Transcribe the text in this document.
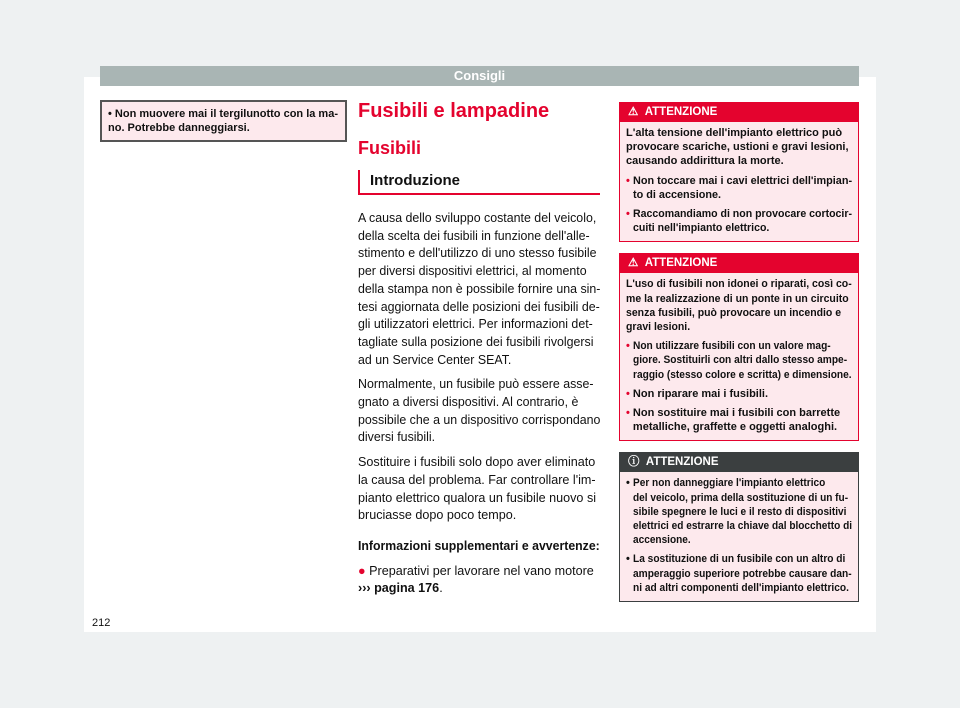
Consigli
• Non muovere mai il tergilunotto con la ma-
no. Potrebbe danneggiarsi.
Fusibili e lampadine
Fusibili
Introduzione

A causa dello sviluppo costante del veicolo,
della scelta dei fusibili in funzione dell'alle-
stimento e dell'utilizzo di uno stesso fusibile
per diversi dispositivi elettrici, al momento
della stampa non è possibile fornire una sin-
tesi aggiornata delle posizioni dei fusibili de-
gli utilizzatori elettrici. Per informazioni det-
tagliate sulla posizione dei fusibili rivolgersi
ad un Service Center SEAT.

Normalmente, un fusibile può essere asse-
gnato a diversi dispositivi. Al contrario, è
possibile che a un dispositivo corrispondano
diversi fusibili.

Sostituire i fusibili solo dopo aver eliminato
la causa del problema. Far controllare l'im-
pianto elettrico qualora un fusibile nuovo si
bruciasse dopo poco tempo.

Informazioni supplementari e avvertenze:

● Preparativi per lavorare nel vano motore
››› pagina 176.

⚠  ATTENZIONE

L'alta tensione dell'impianto elettrico può
provocare scariche, ustioni e gravi lesioni,
causando addirittura la morte.

• Non toccare mai i cavi elettrici dell'impian-
to di accensione.

• Raccomandiamo di non provocare cortocir-
cuiti nell'impianto elettrico.

⚠  ATTENZIONE

L'uso di fusibili non idonei o riparati, così co-
me la realizzazione di un ponte in un circuito
senza fusibili, può provocare un incendio e
gravi lesioni.

• Non utilizzare fusibili con un valore mag-
giore. Sostituirli con altri dallo stesso ampe-
raggio (stesso colore e scritta) e dimensione.

• Non riparare mai i fusibili.

• Non sostituire mai i fusibili con barrette
metalliche, graffette e oggetti analoghi.

ⓘ  ATTENZIONE

• Per non danneggiare l'impianto elettrico
del veicolo, prima della sostituzione di un fu-
sibile spegnere le luci e il resto di dispositivi
elettrici ed estrarre la chiave dal blocchetto di
accensione.

• La sostituzione di un fusibile con un altro di
amperaggio superiore potrebbe causare dan-
ni ad altri componenti dell'impianto elettrico.

212
